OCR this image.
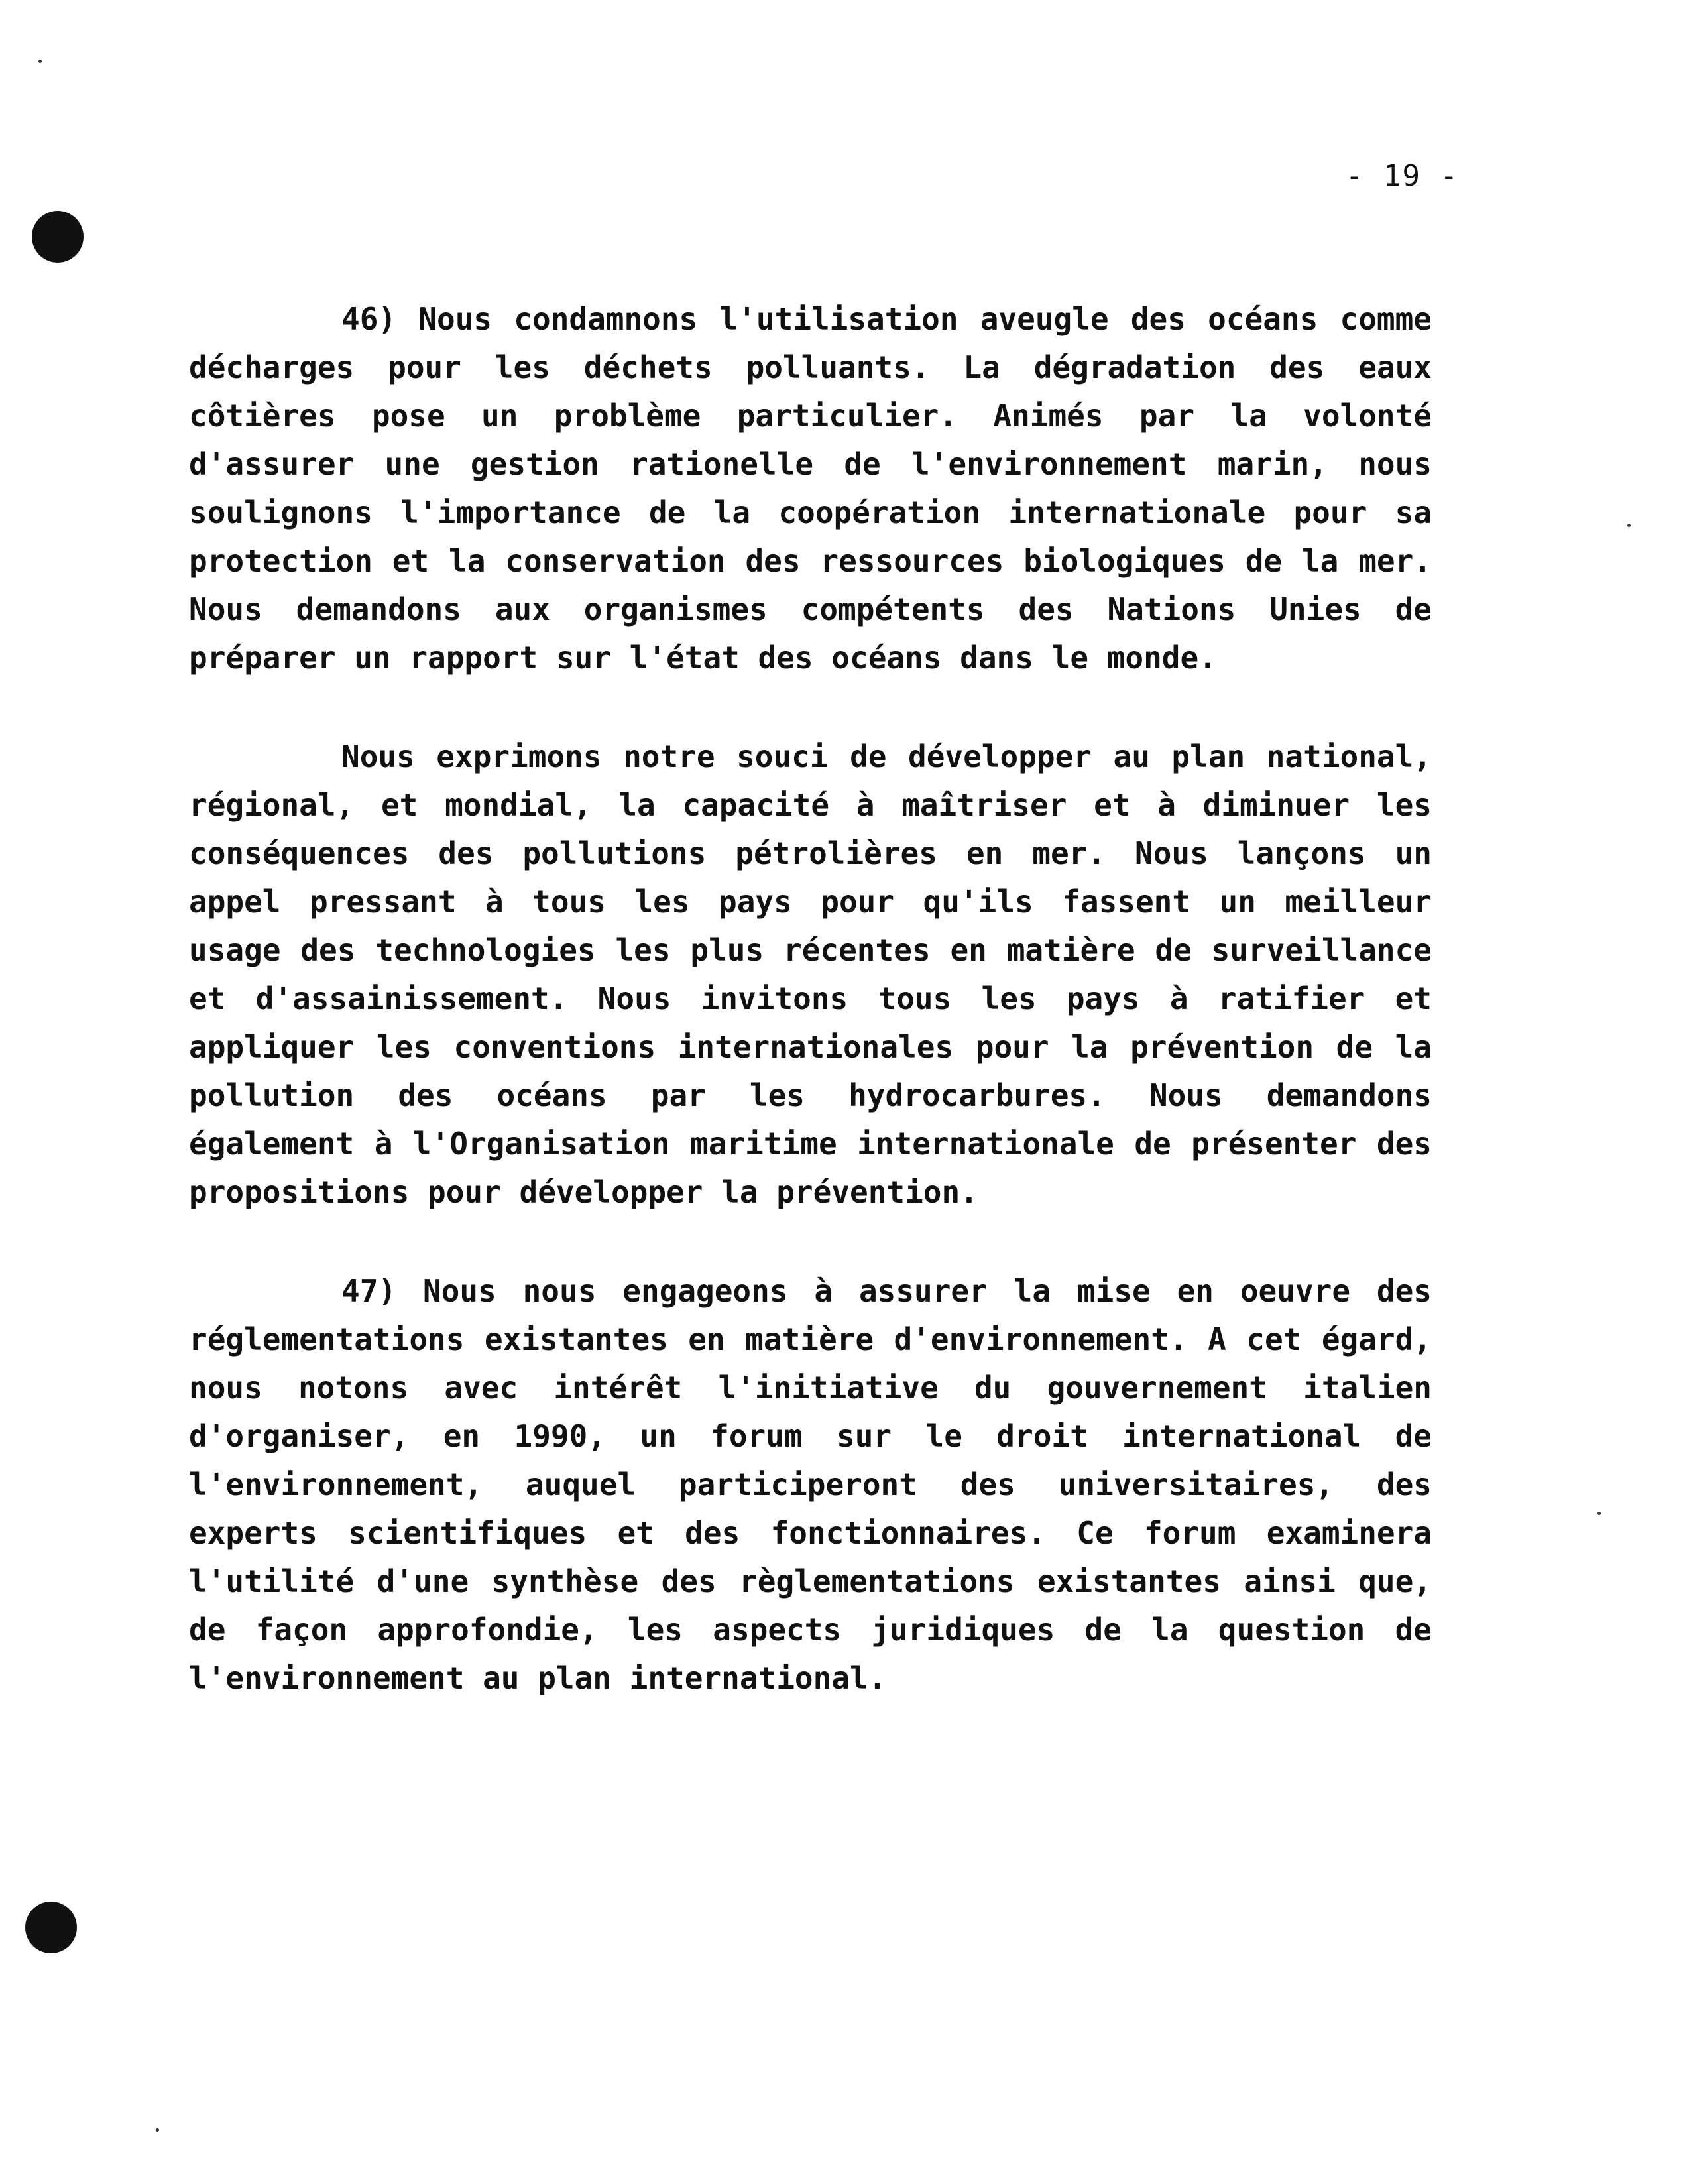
- 19 -

46) Nous condamnons l'utilisation aveugle des océans comme décharges pour les déchets polluants. La dégradation des eaux côtières pose un problème particulier. Animés par la volonté d'assurer une gestion rationelle de l'environnement marin, nous soulignons l'importance de la coopération internationale pour sa protection et la conservation des ressources biologiques de la mer. Nous demandons aux organismes compétents des Nations Unies de préparer un rapport sur l'état des océans dans le monde.

Nous exprimons notre souci de développer au plan national, régional, et mondial, la capacité à maîtriser et à diminuer les conséquences des pollutions pétrolières en mer. Nous lançons un appel pressant à tous les pays pour qu'ils fassent un meilleur usage des technologies les plus récentes en matière de surveillance et d'assainissement. Nous invitons tous les pays à ratifier et appliquer les conventions internationales pour la prévention de la pollution des océans par les hydrocarbures. Nous demandons également à l'Organisation maritime internationale de présenter des propositions pour développer la prévention.

47) Nous nous engageons à assurer la mise en oeuvre des réglementations existantes en matière d'environnement. A cet égard, nous notons avec intérêt l'initiative du gouvernement italien d'organiser, en 1990, un forum sur le droit international de l'environnement, auquel participeront des universitaires, des experts scientifiques et des fonctionnaires. Ce forum examinera l'utilité d'une synthèse des règlementations existantes ainsi que, de façon approfondie, les aspects juridiques de la question de l'environnement au plan international.
